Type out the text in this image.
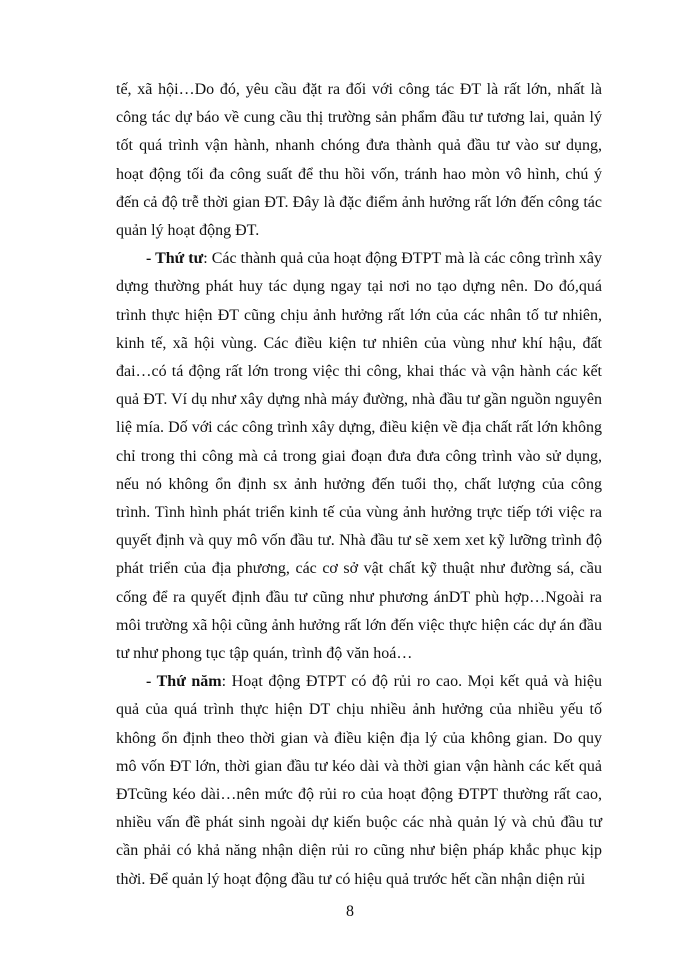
tế, xã hội…Do đó, yêu cầu đặt ra đối với công tác ĐT là rất lớn, nhất là công tác dự báo về cung cầu thị trường sản phẩm đầu tư tương lai, quản lý tốt quá trình vận hành, nhanh chóng đưa thành quả đầu tư vào sư dụng, hoạt động tối đa công suất để thu hồi vốn, tránh hao mòn vô hình, chú ý đến cả độ trễ thời gian ĐT. Đây là đặc điểm ảnh hưởng rất lớn đến công tác quản lý hoạt động ĐT.

- Thứ tư: Các thành quả của hoạt động ĐTPT mà là các công trình xây dựng thường phát huy tác dụng ngay tại nơi no tạo dựng nên. Do đó,quá trình thực hiện ĐT cũng chịu ảnh hưởng rất lớn của các nhân tố tư nhiên, kinh tế, xã hội vùng. Các điều kiện tư nhiên của vùng như khí hậu, đất đai…có tá động rất lớn trong việc thi công, khai thác và vận hành các kết quả ĐT. Ví dụ như xây dựng nhà máy đường, nhà đầu tư gần nguồn nguyên liệ mía. Dố với các công trình xây dựng, điều kiện về địa chất rất lớn không chỉ trong thi công mà cả trong giai đoạn đưa đưa công trình vào sử dụng, nếu nó không ổn định sx ảnh hưởng đến tuổi thọ, chất lượng của công trình. Tình hình phát triển kinh tế của vùng ảnh hưởng trực tiếp tới việc ra quyết định và quy mô vốn đầu tư. Nhà đầu tư sẽ xem xet kỹ lưỡng trình độ phát triển của địa phương, các cơ sở vật chất kỹ thuật như đường sá, cầu cống để ra quyết định đầu tư cũng như phương ánDT phù hợp…Ngoài ra môi trường xã hội cũng ảnh hưởng rất lớn đến việc thực hiện các dự án đầu tư như phong tục tập quán, trình độ văn hoá…

- Thứ năm: Hoạt động ĐTPT có độ rủi ro cao. Mọi kết quả và hiệu quả của quá trình thực hiện DT chịu nhiều ảnh hưởng của nhiều yếu tố không ổn định theo thời gian và điều kiện địa lý của không gian. Do quy mô vốn ĐT lớn, thời gian đầu tư kéo dài và thời gian vận hành các kết quả ĐTcũng kéo dài…nên mức độ rủi ro của hoạt động ĐTPT thường rất cao, nhiều vấn đề phát sinh ngoài dự kiến buộc các nhà quản lý và chủ đầu tư cần phải có khả năng nhận diện rủi ro cũng như biện pháp khắc phục kịp thời. Để quản lý hoạt động đầu tư có hiệu quả trước hết cần nhận diện rủi

8
